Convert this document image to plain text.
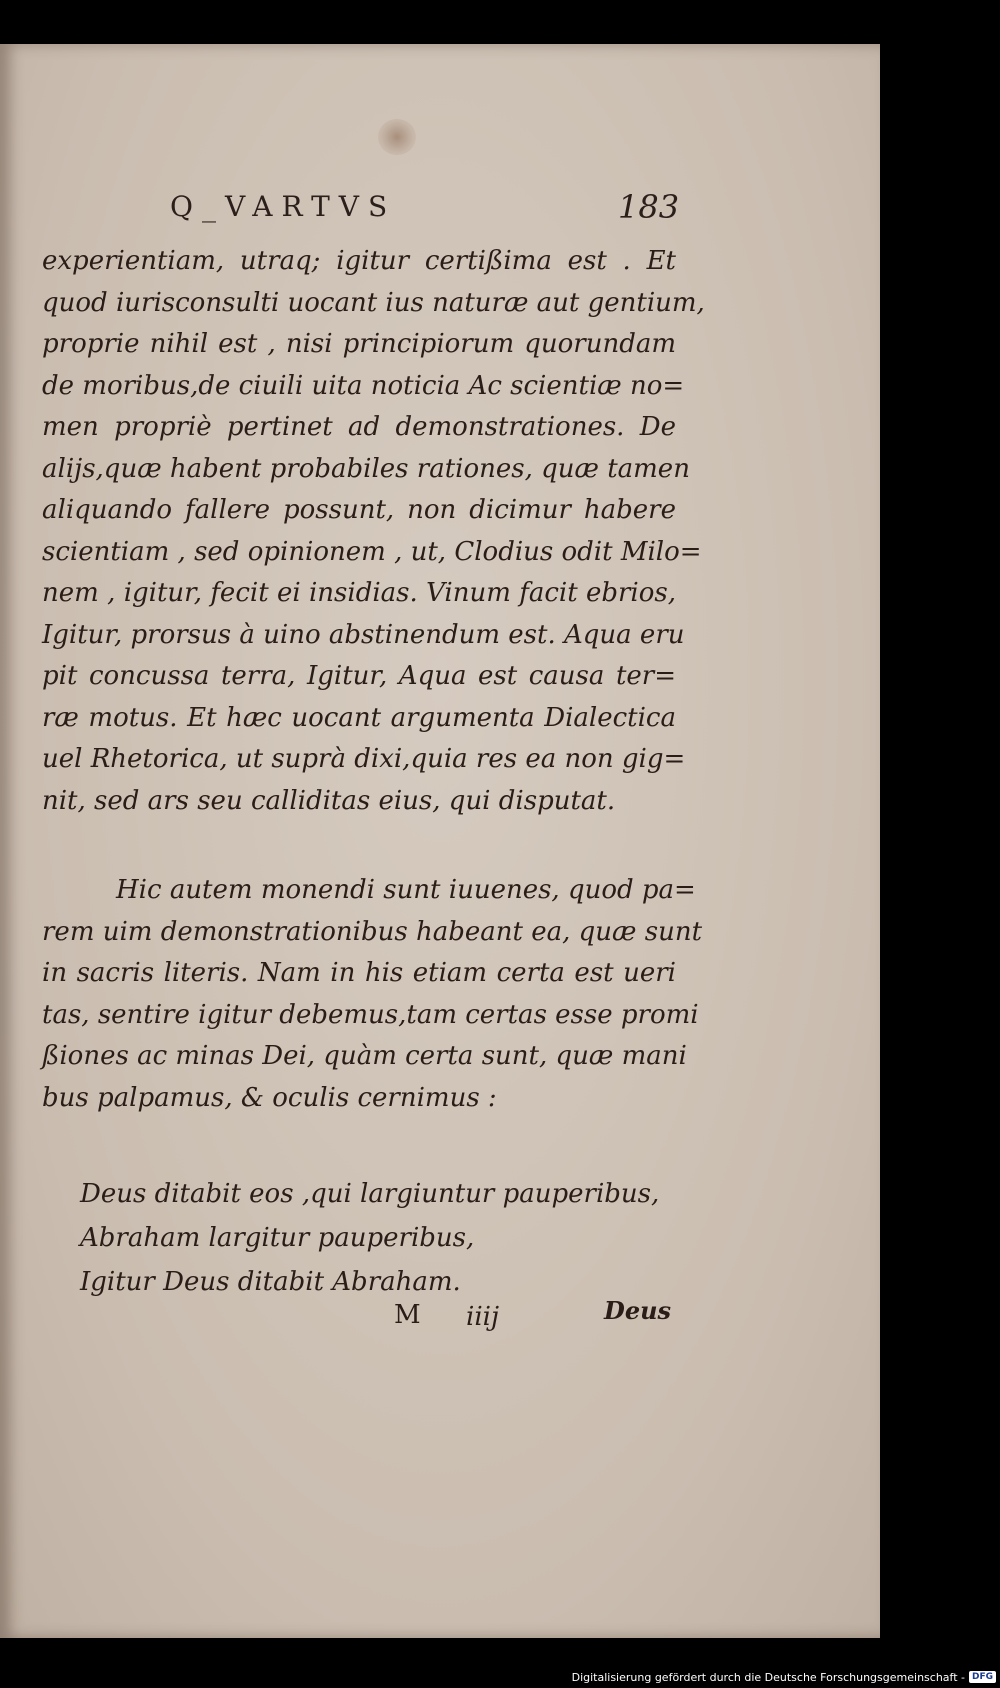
Q_VARTVS	183
experientiam, utraq; igitur certißima est . Et
quod iurisconsulti uocant ius naturæ aut gentium,
proprie nihil est , nisi principiorum quorundam
de moribus,de ciuili uita noticia Ac scientiæ no=
men propriè pertinet ad demonstrationes. De
alijs,quæ habent probabiles rationes, quæ tamen
aliquando fallere possunt, non dicimur habere
scientiam , sed opinionem , ut, Clodius odit Milo=
nem , igitur, fecit ei insidias. Vinum facit ebrios,
Igitur, prorsus à uino abstinendum est. Aqua eru
pit concussa terra, Igitur, Aqua est causa ter=
ræ motus. Et hæc uocant argumenta Dialectica
uel Rhetorica, ut suprà dixi,quia res ea non gig=
nit, sed ars seu calliditas eius, qui disputat.
Hic autem monendi sunt iuuenes, quod pa=
rem uim demonstrationibus habeant ea, quæ sunt
in sacris literis. Nam in his etiam certa est ueri
tas, sentire igitur debemus,tam certas esse promi
ßiones ac minas Dei, quàm certa sunt, quæ mani
bus palpamus, & oculis cernimus :
Deus ditabit eos ,qui largiuntur pauperibus,
Abraham largitur pauperibus,
Igitur Deus ditabit Abraham.
M iiij	Deus
Digitalisierung gefördert durch die Deutsche Forschungsgemeinschaft - DFG
